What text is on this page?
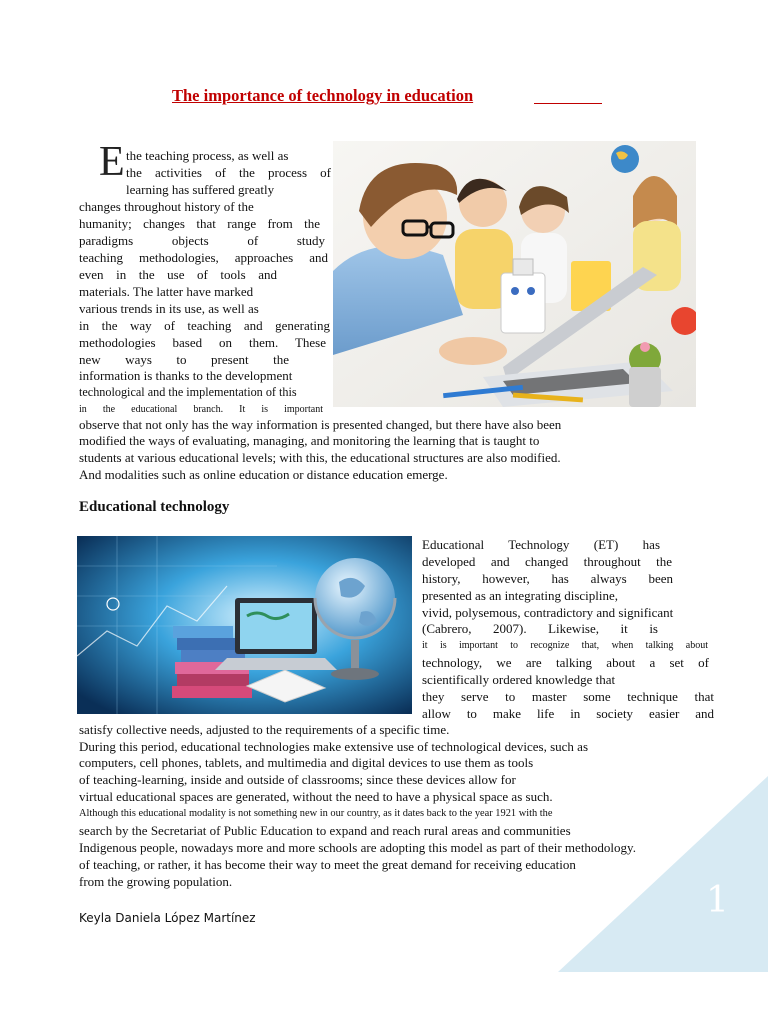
The importance of technology in education
E the teaching process, as well as
the activities of the process of
learning has suffered greatly
changes throughout history of the
humanity; changes that range from the
paradigms objects of study
teaching methodologies, approaches and
even in the use of tools and
materials. The latter have marked
various trends in its use, as well as
in the way of teaching and generating
methodologies based on them. These
new ways to present the
information is thanks to the development
technological and the implementation of this
in the educational branch. It is important
observe that not only has the way information is presented changed, but there have also been
modified the ways of evaluating, managing, and monitoring the learning that is taught to
students at various educational levels; with this, the educational structures are also modified.
And modalities such as online education or distance education emerge.
Educational technology
Educational Technology (ET) has
developed and changed throughout the
history, however, has always been
presented as an integrating discipline,
vivid, polysemous, contradictory and significant
(Cabrero, 2007). Likewise, it is
it is important to recognize that, when talking about
technology, we are talking about a set of
scientifically ordered knowledge that
they serve to master some technique that
allow to make life in society easier and
satisfy collective needs, adjusted to the requirements of a specific time.
During this period, educational technologies make extensive use of technological devices, such as
computers, cell phones, tablets, and multimedia and digital devices to use them as tools
of teaching-learning, inside and outside of classrooms; since these devices allow for
virtual educational spaces are generated, without the need to have a physical space as such.
Although this educational modality is not something new in our country, as it dates back to the year 1921 with the
search by the Secretariat of Public Education to expand and reach rural areas and communities
Indigenous people, nowadays more and more schools are adopting this model as part of their methodology.
of teaching, or rather, it has become their way to meet the great demand for receiving education
from the growing population.	1
Keyla Daniela López Martínez
